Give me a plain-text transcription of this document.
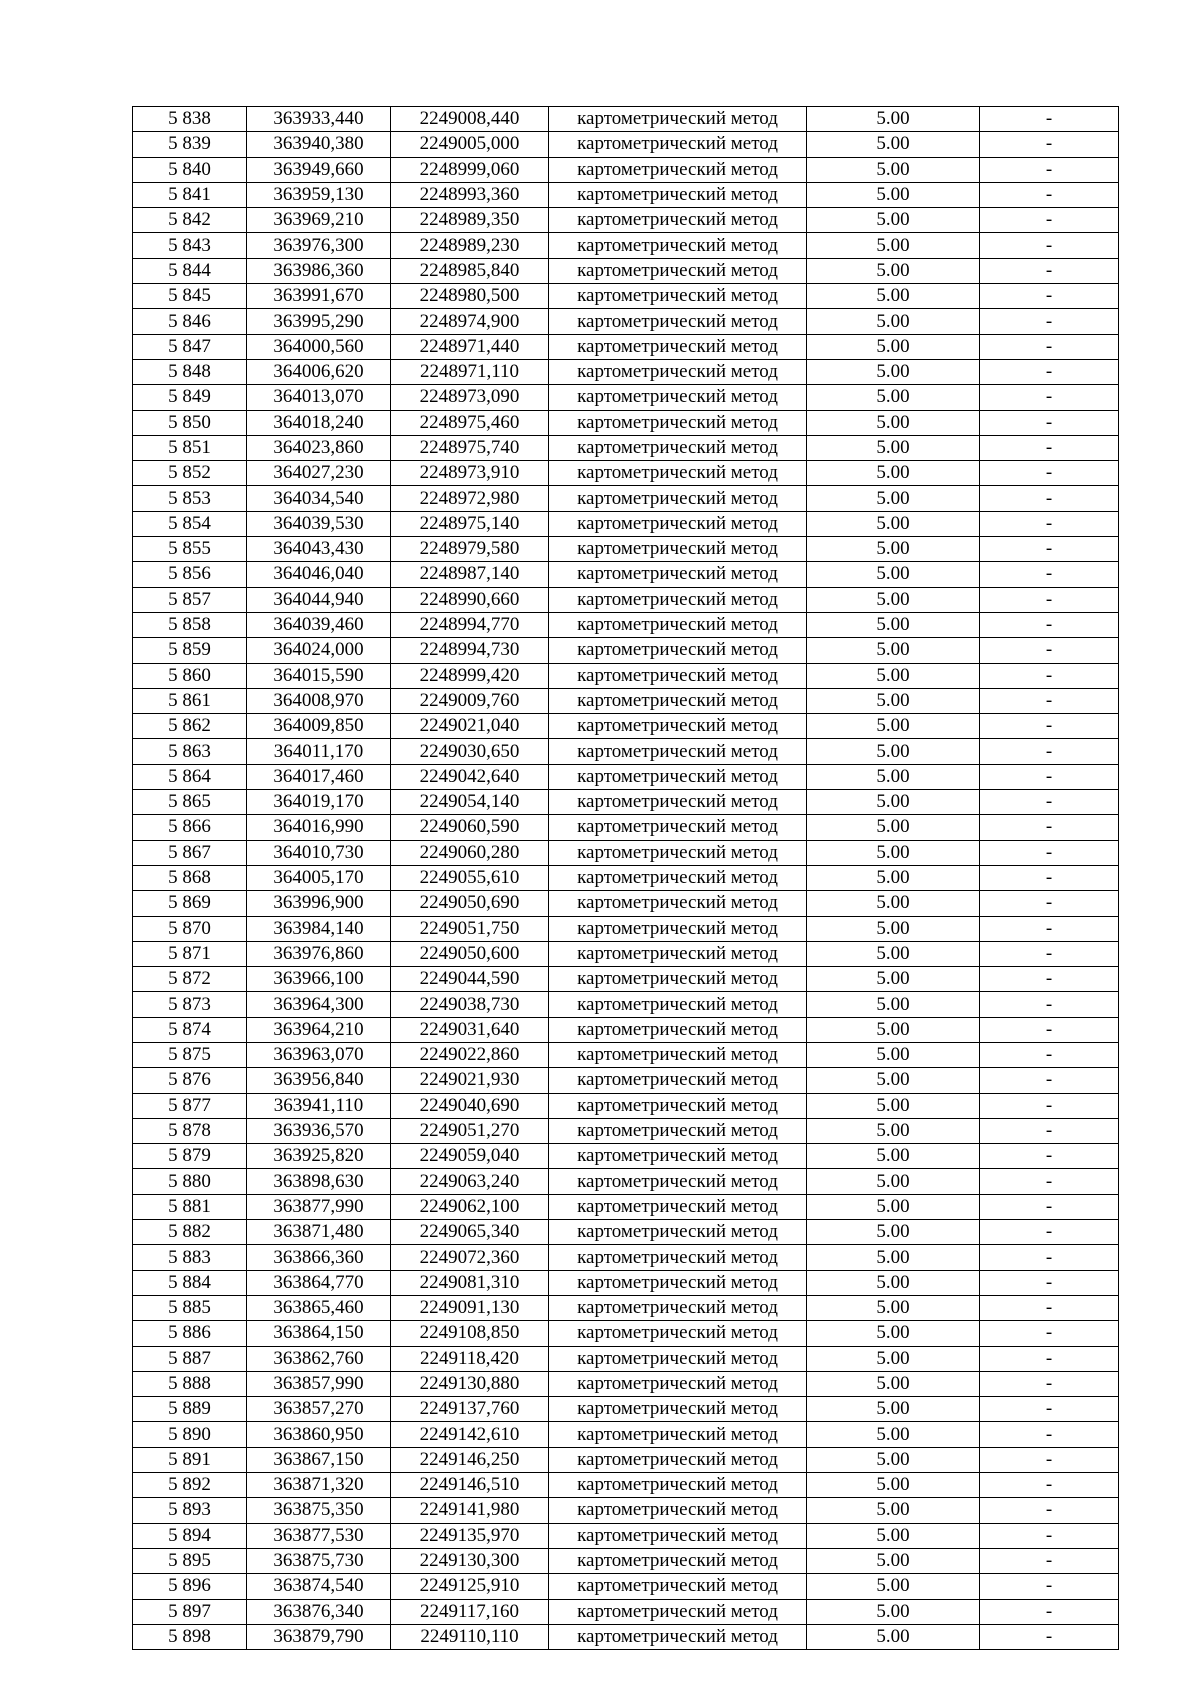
5 838	363933,440	2249008,440	картометрический метод	5.00	-
5 839	363940,380	2249005,000	картометрический метод	5.00	-
5 840	363949,660	2248999,060	картометрический метод	5.00	-
5 841	363959,130	2248993,360	картометрический метод	5.00	-
5 842	363969,210	2248989,350	картометрический метод	5.00	-
5 843	363976,300	2248989,230	картометрический метод	5.00	-
5 844	363986,360	2248985,840	картометрический метод	5.00	-
5 845	363991,670	2248980,500	картометрический метод	5.00	-
5 846	363995,290	2248974,900	картометрический метод	5.00	-
5 847	364000,560	2248971,440	картометрический метод	5.00	-
5 848	364006,620	2248971,110	картометрический метод	5.00	-
5 849	364013,070	2248973,090	картометрический метод	5.00	-
5 850	364018,240	2248975,460	картометрический метод	5.00	-
5 851	364023,860	2248975,740	картометрический метод	5.00	-
5 852	364027,230	2248973,910	картометрический метод	5.00	-
5 853	364034,540	2248972,980	картометрический метод	5.00	-
5 854	364039,530	2248975,140	картометрический метод	5.00	-
5 855	364043,430	2248979,580	картометрический метод	5.00	-
5 856	364046,040	2248987,140	картометрический метод	5.00	-
5 857	364044,940	2248990,660	картометрический метод	5.00	-
5 858	364039,460	2248994,770	картометрический метод	5.00	-
5 859	364024,000	2248994,730	картометрический метод	5.00	-
5 860	364015,590	2248999,420	картометрический метод	5.00	-
5 861	364008,970	2249009,760	картометрический метод	5.00	-
5 862	364009,850	2249021,040	картометрический метод	5.00	-
5 863	364011,170	2249030,650	картометрический метод	5.00	-
5 864	364017,460	2249042,640	картометрический метод	5.00	-
5 865	364019,170	2249054,140	картометрический метод	5.00	-
5 866	364016,990	2249060,590	картометрический метод	5.00	-
5 867	364010,730	2249060,280	картометрический метод	5.00	-
5 868	364005,170	2249055,610	картометрический метод	5.00	-
5 869	363996,900	2249050,690	картометрический метод	5.00	-
5 870	363984,140	2249051,750	картометрический метод	5.00	-
5 871	363976,860	2249050,600	картометрический метод	5.00	-
5 872	363966,100	2249044,590	картометрический метод	5.00	-
5 873	363964,300	2249038,730	картометрический метод	5.00	-
5 874	363964,210	2249031,640	картометрический метод	5.00	-
5 875	363963,070	2249022,860	картометрический метод	5.00	-
5 876	363956,840	2249021,930	картометрический метод	5.00	-
5 877	363941,110	2249040,690	картометрический метод	5.00	-
5 878	363936,570	2249051,270	картометрический метод	5.00	-
5 879	363925,820	2249059,040	картометрический метод	5.00	-
5 880	363898,630	2249063,240	картометрический метод	5.00	-
5 881	363877,990	2249062,100	картометрический метод	5.00	-
5 882	363871,480	2249065,340	картометрический метод	5.00	-
5 883	363866,360	2249072,360	картометрический метод	5.00	-
5 884	363864,770	2249081,310	картометрический метод	5.00	-
5 885	363865,460	2249091,130	картометрический метод	5.00	-
5 886	363864,150	2249108,850	картометрический метод	5.00	-
5 887	363862,760	2249118,420	картометрический метод	5.00	-
5 888	363857,990	2249130,880	картометрический метод	5.00	-
5 889	363857,270	2249137,760	картометрический метод	5.00	-
5 890	363860,950	2249142,610	картометрический метод	5.00	-
5 891	363867,150	2249146,250	картометрический метод	5.00	-
5 892	363871,320	2249146,510	картометрический метод	5.00	-
5 893	363875,350	2249141,980	картометрический метод	5.00	-
5 894	363877,530	2249135,970	картометрический метод	5.00	-
5 895	363875,730	2249130,300	картометрический метод	5.00	-
5 896	363874,540	2249125,910	картометрический метод	5.00	-
5 897	363876,340	2249117,160	картометрический метод	5.00	-
5 898	363879,790	2249110,110	картометрический метод	5.00	-
